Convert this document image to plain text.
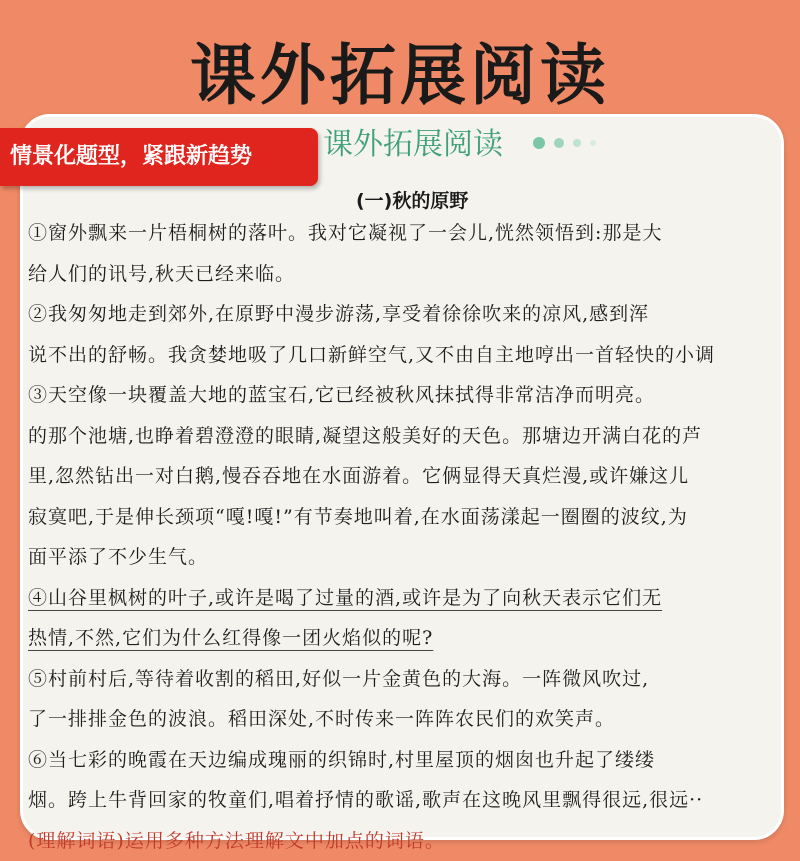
课外拓展阅读
课外拓展阅读
情景化题型，紧跟新趋势
(一)秋的原野
①窗外飘来一片梧桐树的落叶。我对它凝视了一会儿,恍然领悟到:那是大
给人们的讯号,秋天已经来临。
②我匆匆地走到郊外,在原野中漫步游荡,享受着徐徐吹来的凉风,感到浑
说不出的舒畅。我贪婪地吸了几口新鲜空气,又不由自主地哼出一首轻快的小调
③天空像一块覆盖大地的蓝宝石,它已经被秋风抹拭得非常洁净而明亮。
的那个池塘,也睁着碧澄澄的眼睛,凝望这般美好的天色。那塘边开满白花的芦
里,忽然钻出一对白鹅,慢吞吞地在水面游着。它俩显得天真烂漫,或许嫌这儿
寂寞吧,于是伸长颈项“嘎!嘎!”有节奏地叫着,在水面荡漾起一圈圈的波纹,为
面平添了不少生气。
④山谷里枫树的叶子,或许是喝了过量的酒,或许是为了向秋天表示它们无
热情,不然,它们为什么红得像一团火焰似的呢?
⑤村前村后,等待着收割的稻田,好似一片金黄色的大海。一阵微风吹过,
了一排排金色的波浪。稻田深处,不时传来一阵阵农民们的欢笑声。
⑥当七彩的晚霞在天边编成瑰丽的织锦时,村里屋顶的烟囱也升起了缕缕
烟。跨上牛背回家的牧童们,唱着抒情的歌谣,歌声在这晚风里飘得很远,很远··
(理解词语)运用多种方法理解文中加点的词语。
